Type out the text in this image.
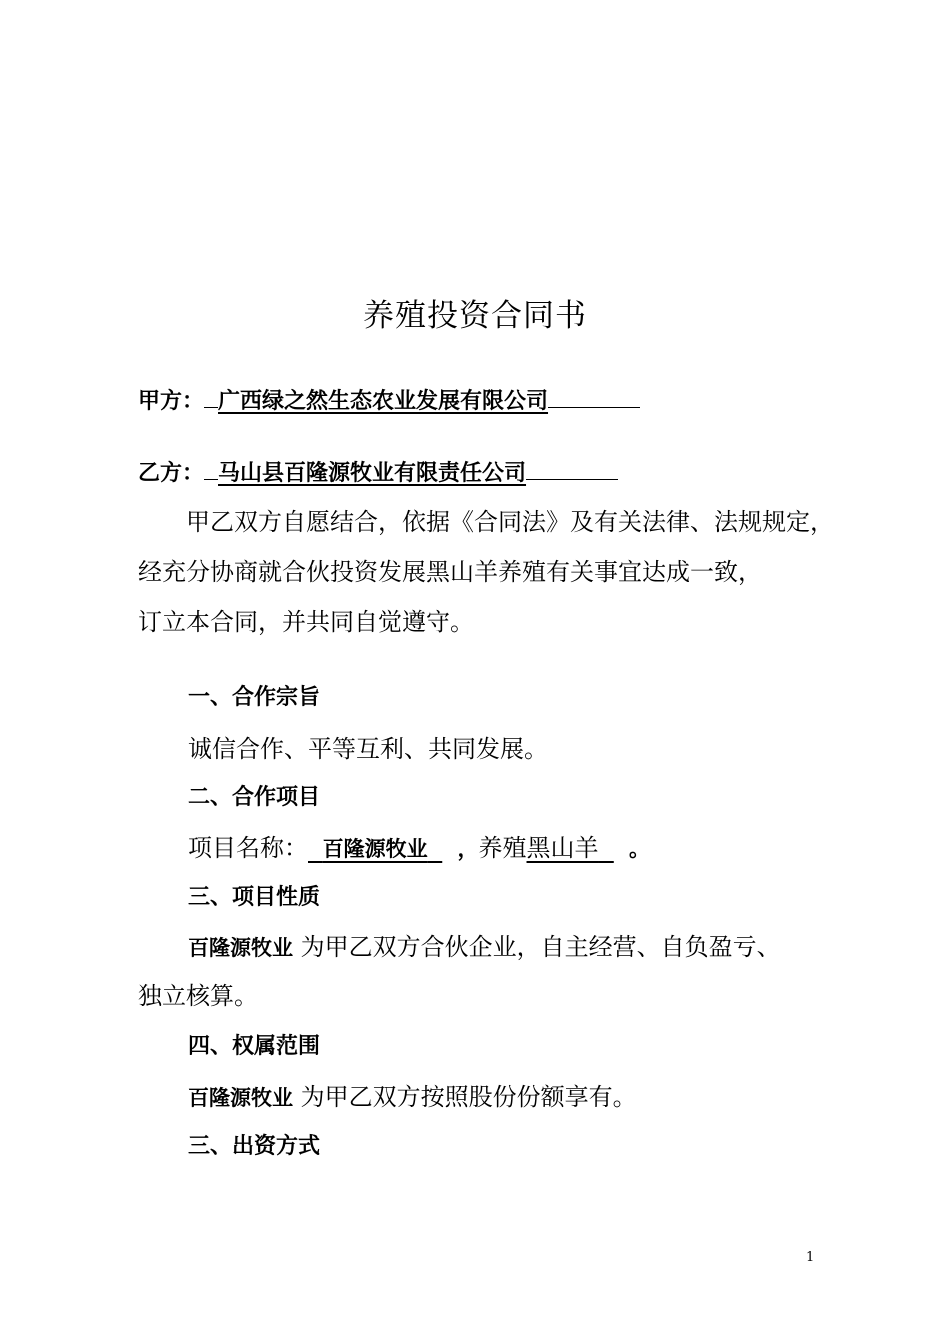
养殖投资合同书
甲方： 广西绿之然生态农业发展有限公司
乙方： 马山县百隆源牧业有限责任公司
甲乙双方自愿结合，依据《合同法》及有关法律、法规规定，
经充分协商就合伙投资发展黑山羊养殖有关事宜达成一致，
订立本合同，并共同自觉遵守。
一、合作宗旨
诚信合作、平等互利、共同发展。
二、合作项目
项目名称： 百隆源牧业 ，养殖黑山羊 。
三、项目性质
百隆源牧业 为甲乙双方合伙企业，自主经营、自负盈亏、
独立核算。
四、权属范围
百隆源牧业 为甲乙双方按照股份份额享有。
三、出资方式
1
